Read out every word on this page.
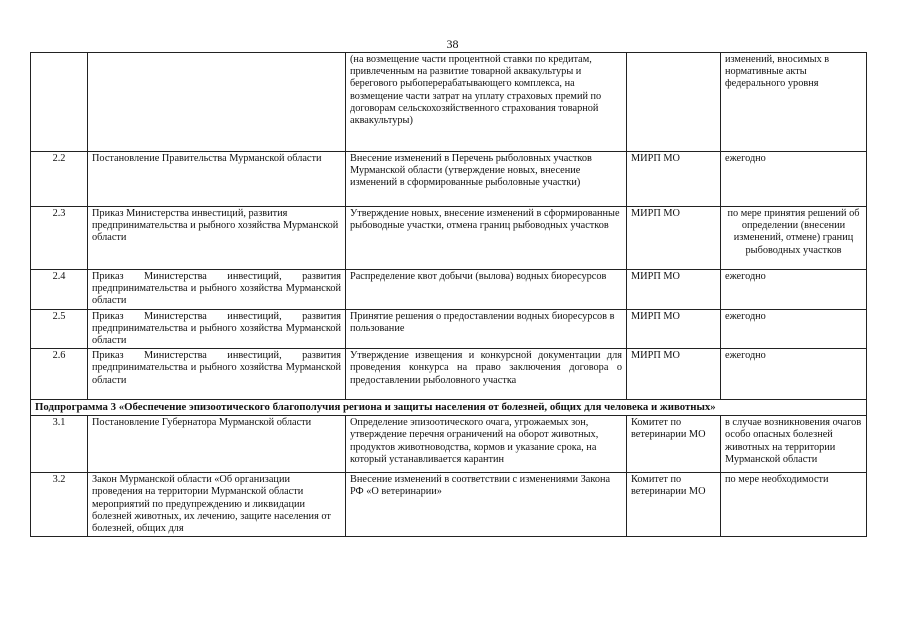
38
		(на возмещение части процентной ставки по кредитам, привлеченным на развитие товарной аквакультуры и берегового рыбоперерабатывающего комплекса, на возмещение части затрат на уплату страховых премий по договорам сельскохозяйственного страхования товарной аквакультуры)		изменений, вносимых в нормативные акты федерального уровня
2.2	Постановление Правительства Мурманской области	Внесение изменений в Перечень рыболовных участков Мурманской области (утверждение новых, внесение изменений в сформированные рыболовные участки)	МИРП МО	ежегодно
2.3	Приказ Министерства инвестиций, развития предпринимательства и рыбного хозяйства Мурманской области	Утверждение новых, внесение изменений в сформированные рыбоводные участки, отмена границ рыбоводных участков	МИРП МО	по мере принятия решений об определении (внесении изменений, отмене) границ рыбоводных участков
2.4	Приказ Министерства инвестиций, развития предпринимательства и рыбного хозяйства Мурманской области	Распределение квот добычи (вылова) водных биоресурсов	МИРП МО	ежегодно
2.5	Приказ Министерства инвестиций, развития предпринимательства и рыбного хозяйства Мурманской области	Принятие решения о предоставлении водных биоресурсов в пользование	МИРП МО	ежегодно
2.6	Приказ Министерства инвестиций, развития предпринимательства и рыбного хозяйства Мурманской области	Утверждение извещения и конкурсной документации для проведения конкурса на право заключения договора о предоставлении рыболовного участка	МИРП МО	ежегодно
Подпрограмма 3 «Обеспечение эпизоотического благополучия региона и защиты населения от болезней, общих для человека и животных»				
3.1	Постановление Губернатора Мурманской области	Определение эпизоотического очага, угрожаемых зон, утверждение перечня ограничений на оборот животных, продуктов животноводства, кормов и указание срока, на который устанавливается карантин	Комитет по ветеринарии МО	в случае возникновения очагов особо опасных болезней животных на территории Мурманской области
3.2	Закон Мурманской области «Об организации проведения на территории Мурманской области мероприятий по предупреждению и ликвидации болезней животных, их лечению, защите населения от болезней, общих для	Внесение изменений в соответствии с изменениями Закона РФ «О ветеринарии»	Комитет по ветеринарии МО	по мере необходимости
